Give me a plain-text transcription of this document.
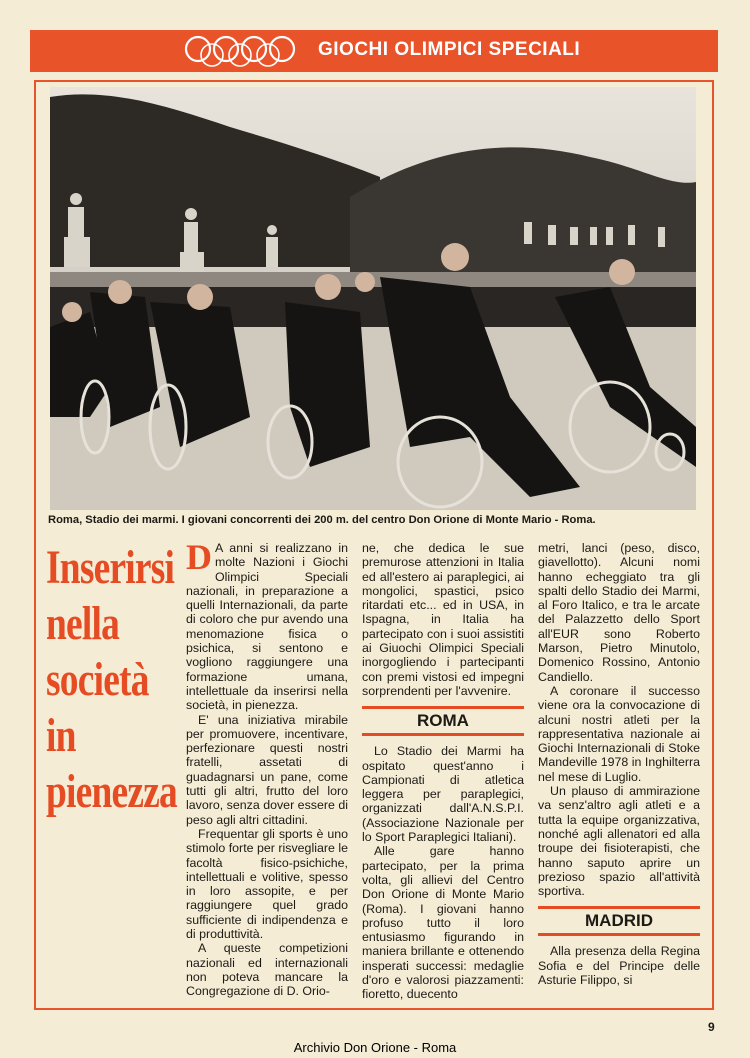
GIOCHI OLIMPICI SPECIALI
Roma, Stadio dei marmi. I giovani concorrenti dei 200 m. del centro Don Orione di Monte Mario - Roma.
Inserirsi
nella
società
in
pienezza

D A anni si realizzano in molte Nazioni i Giochi Olimpici Speciali nazionali, in preparazione a quelli Internazionali, da parte di coloro che pur avendo una menomazione fisica o psichica, si sentono e vogliono raggiungere una formazione umana, intellettuale da inserirsi nella società, in pienezza.

E' una iniziativa mirabile per promuovere, incentivare, perfezionare questi nostri fratelli, assetati di guadagnarsi un pane, come tutti gli altri, frutto del loro lavoro, senza dover essere di peso agli altri cittadini.

Frequentar gli sports è uno stimolo forte per risvegliare le facoltà fisico-psichiche, intellettuali e volitive, spesso in loro assopite, e per raggiungere quel grado sufficiente di indipendenza e di produttività.

A queste competizioni nazionali ed internazionali non poteva mancare la Congregazione di D. Orio-

ne, che dedica le sue premurose attenzioni in Italia ed all'estero ai paraplegici, ai mongolici, spastici, psico ritardati etc... ed in USA, in Ispagna, in Italia ha partecipato con i suoi assistiti ai Giuochi Olimpici Speciali inorgogliendo i partecipanti con premi vistosi ed impegni sorprendenti per l'avvenire.

ROMA

Lo Stadio dei Marmi ha ospitato quest'anno i Campionati di atletica leggera per paraplegici, organizzati dall'A.N.S.P.I. (Associazione Nazionale per lo Sport Paraplegici Italiani).

Alle gare hanno partecipato, per la prima volta, gli allievi del Centro Don Orione di Monte Mario (Roma). I giovani hanno profuso tutto il loro entusiasmo figurando in maniera brillante e ottenendo insperati successi: medaglie d'oro e valorosi piazzamenti: fioretto, duecento

metri, lanci (peso, disco, giavellotto). Alcuni nomi hanno echeggiato tra gli spalti dello Stadio dei Marmi, al Foro Italico, e tra le arcate del Palazzetto dello Sport all'EUR sono Roberto Marson, Pietro Minutolo, Domenico Rossino, Antonio Candiello.

A coronare il successo viene ora la convocazione di alcuni nostri atleti per la rappresentativa nazionale ai Giochi Internazionali di Stoke Mandeville 1978 in Inghilterra nel mese di Luglio.

Un plauso di ammirazione va senz'altro agli atleti e a tutta la equipe organizzativa, nonché agli allenatori ed alla troupe dei fisioterapisti, che hanno saputo aprire un prezioso spazio all'attività sportiva.

MADRID

Alla presenza della Regina Sofia e del Principe delle Asturie Filippo, si

9
Archivio Don Orione - Roma
